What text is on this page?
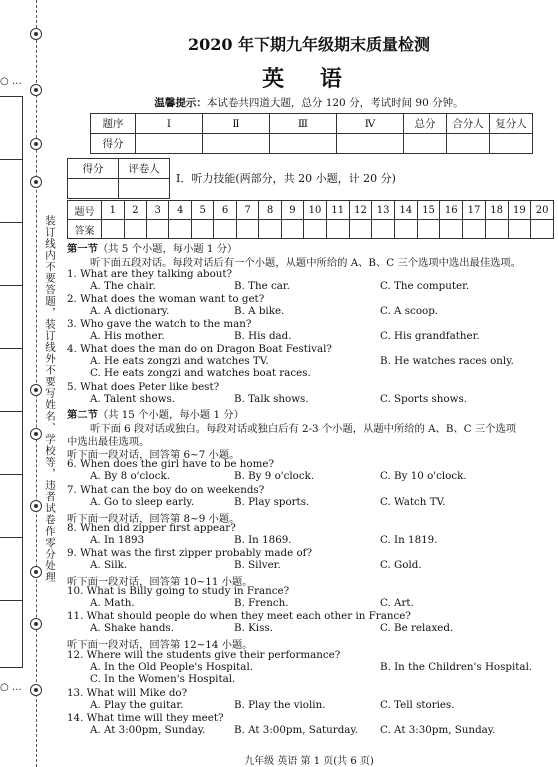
○ …
○ …
装订线内不要答题，装订线外不要写姓名、学校等，违者试卷作零分处理
2020 年下期九年级期末质量检测
英 语
温馨提示：本试卷共四道大题，总分 120 分，考试时间 90 分钟。
题序	Ⅰ	Ⅱ	Ⅲ	Ⅳ	总分	合分人	复分人
得分							
得分	评卷人

Ⅰ．听力技能(两部分，共 20 小题，计 20 分)
题号	1	2	3	4	5	6	7	8	9	10	11	12	13	14	15	16	17	18	19	20
答案																				
第一节（共 5 个小题，每小题 1 分）
听下面五段对话。每段对话后有一个小题，从题中所给的 A、B、C 三个选项中选出最佳选项。
1. What are they talking about?
A. The chair.	B. The car.	C. The computer.
2. What does the woman want to get?
A. A dictionary.	B. A bike.	C. A scoop.
3. Who gave the watch to the man?
A. His mother.	B. His dad.	C. His grandfather.
4. What does the man do on Dragon Boat Festival?
A. He eats zongzi and watches TV.	B. He watches races only.
C. He eats zongzi and watches boat races.
5. What does Peter like best?
A. Talent shows.	B. Talk shows.	C. Sports shows.
6. When does the girl have to be home?
A. By 8 o'clock.	B. By 9 o'clock.	C. By 10 o'clock.
7. What can the boy do on weekends?
A. Go to sleep early.	B. Play sports.	C. Watch TV.
8. When did zipper first appear?
A. In 1893	B. In 1869.	C. In 1819.
9. What was the first zipper probably made of?
A. Silk.	B. Silver.	C. Gold.
10. What is Billy going to study in France?
A. Math.	B. French.	C. Art.
11. What should people do when they meet each other in France?
A. Shake hands.	B. Kiss.	C. Be relaxed.
12. Where will the students give their performance?
A. In the Old People's Hospital.	B. In the Children's Hospital.
C. In the Women's Hospital.
13. What will Mike do?
A. Play the guitar.	B. Play the violin.	C. Tell stories.
14. What time will they meet?
A. At 3:00pm, Sunday.	B. At 3:00pm, Saturday. C. At 3:30pm, Sunday.
第二节（共 15 个小题，每小题 1 分）
听下面 6 段对话或独白。每段对话或独白后有 2-3 个小题，从题中所给的 A、B、C 三个选项
中选出最佳选项。
听下面一段对话，回答第 6~7 小题。
听下面一段对话，回答第 8~9 小题。
听下面一段对话，回答第 10~11 小题。
听下面一段对话，回答第 12~14 小题。
九年级 英语 第 1 页(共 6 页)
